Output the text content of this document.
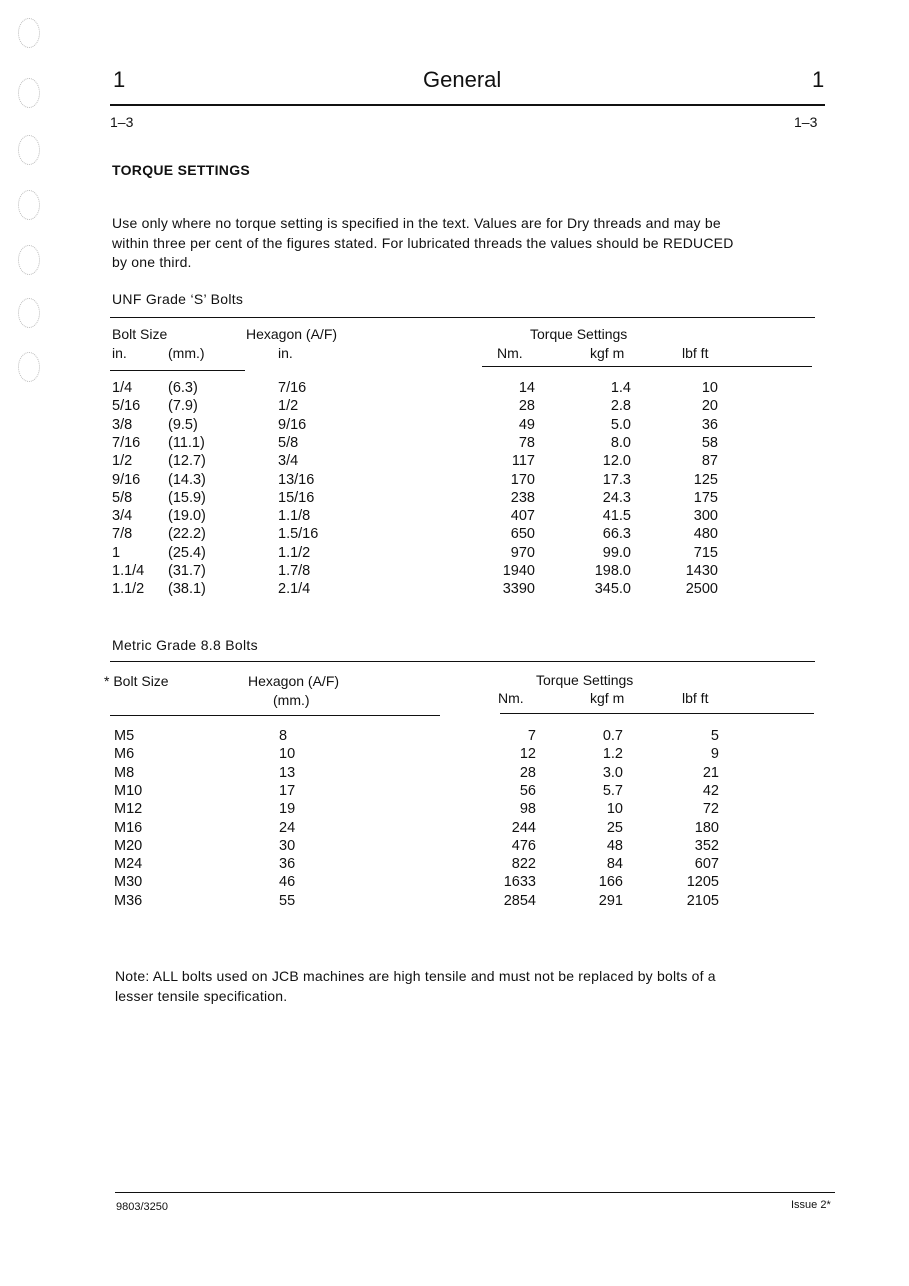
1	General	1
1–3	1–3
TORQUE SETTINGS
Use only where no torque setting is specified in the text. Values are for Dry threads and may be
within three per cent of the figures stated. For lubricated threads the values should be REDUCED
by one third.
UNF Grade ‘S’ Bolts
Bolt Size	Hexagon (A/F)	Torque Settings
in.	(mm.)	in.	Nm.	kgf m	lbf ft
1/4 (6.3)	7/16	14	1.4	10
5/16 (7.9)	1/2	28	2.8	20
3/8 (9.5)	9/16	49	5.0	36
7/16 (11.1)	5/8	78	8.0	58
1/2 (12.7)	3/4	117	12.0	87
9/16 (14.3)	13/16	170	17.3	125
5/8 (15.9)	15/16	238	24.3	175
3/4 (19.0)	1.1/8	407	41.5	300
7/8 (22.2)	1.5/16	650	66.3	480
1	(25.4)	1.1/2	970	99.0	715
1.1/4 (31.7)	1.7/8	1940	198.0	1430
1.1/2 (38.1)	2.1/4	3390	345.0	2500
Metric Grade 8.8 Bolts
* Bolt Size	Hexagon (A/F)	Torque Settings
(mm.)	Nm.	kgf m	lbf ft
M5	8	7	0.7	5
M6	10	12	1.2	9
M8	13	28	3.0	21
M10	17	56	5.7	42
M12	19	98	10	72
M16	24	244	25	180
M20	30	476	48	352
M24	36	822	84	607
M30	46	1633	166	1205
M36	55	2854	291	2105
Note: ALL bolts used on JCB machines are high tensile and must not be replaced by bolts of a
lesser tensile specification.
9803/3250	Issue 2*
